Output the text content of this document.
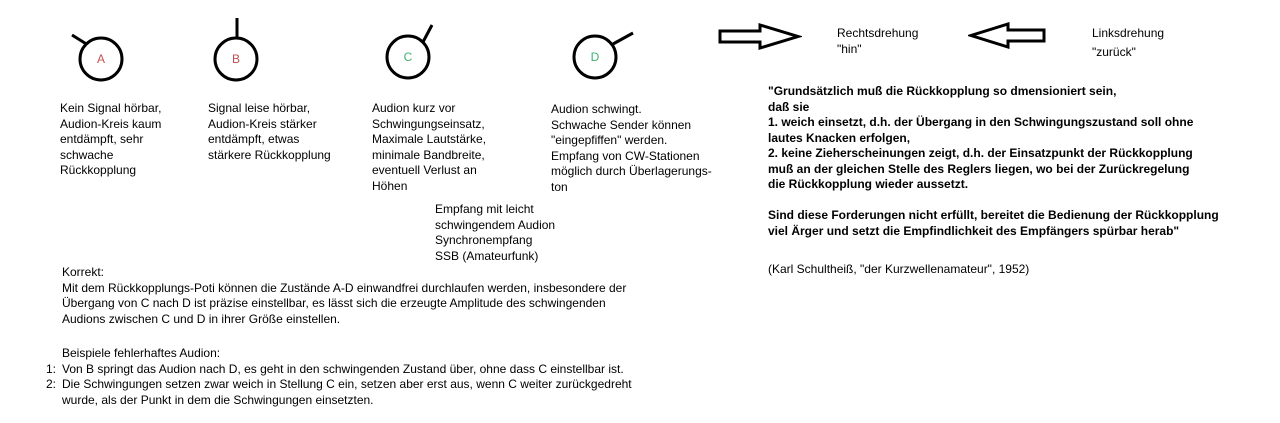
A	B	C	D
Kein Signal hörbar,
Audion-Kreis kaum
entdämpft, sehr
schwache
Rückkopplung
Signal leise hörbar,
Audion-Kreis stärker
entdämpft, etwas
stärkere Rückkopplung
Audion kurz vor
Schwingungseinsatz,
Maximale Lautstärke,
minimale Bandbreite,
eventuell Verlust an
Höhen
Audion schwingt.
Schwache Sender können
"eingepfiffen" werden.
Empfang von CW-Stationen
möglich durch Überlagerungs-
ton
Empfang mit leicht
schwingendem Audion
Synchronempfang
SSB (Amateurfunk)
Rechtsdrehung
"hin"
Linksdrehung
"zurück"
Korrekt:
Mit dem Rückkopplungs-Poti können die Zustände A-D einwandfrei durchlaufen werden, insbesondere der
Übergang von C nach D ist präzise einstellbar, es lässt sich die erzeugte Amplitude des schwingenden
Audions zwischen C und D in ihrer Größe einstellen.
Beispiele fehlerhaftes Audion:
1: Von B springt das Audion nach D, es geht in den schwingenden Zustand über, ohne dass C einstellbar ist.
2: Die Schwingungen setzen zwar weich in Stellung C ein, setzen aber erst aus, wenn C weiter zurückgedreht
wurde, als der Punkt in dem die Schwingungen einsetzten.
"Grundsätzlich muß die Rückkopplung so dmensioniert sein,
daß sie
1. weich einsetzt, d.h. der Übergang in den Schwingungszustand soll ohne
lautes Knacken erfolgen,
2. keine Zieherscheinungen zeigt, d.h. der Einsatzpunkt der Rückkopplung
muß an der gleichen Stelle des Reglers liegen, wo bei der Zurückregelung
die Rückkopplung wieder aussetzt.
Sind diese Forderungen nicht erfüllt, bereitet die Bedienung der Rückkopplung
viel Ärger und setzt die Empfindlichkeit des Empfängers spürbar herab"
(Karl Schultheiß, "der Kurzwellenamateur", 1952)
